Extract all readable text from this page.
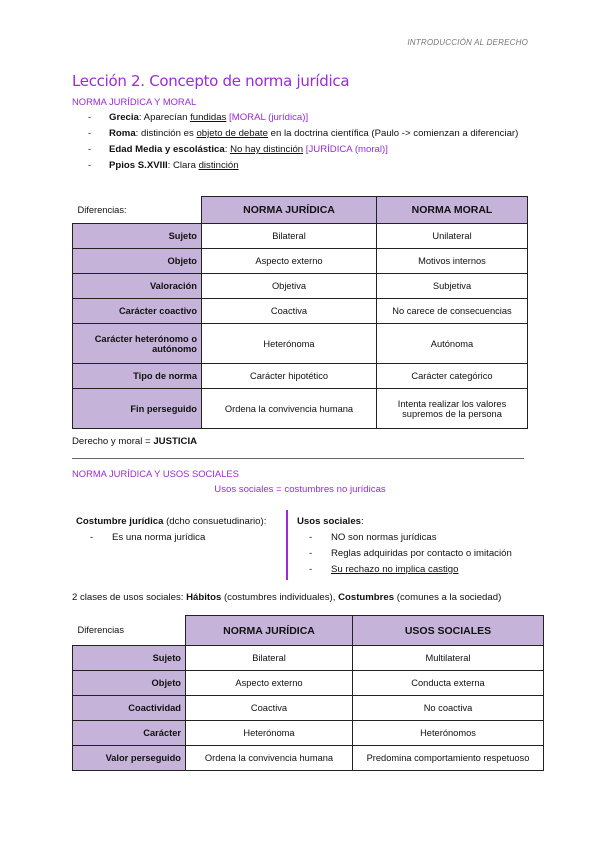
INTRODUCCIÓN AL DERECHO
Lección 2. Concepto de norma jurídica
NORMA JURÍDICA Y MORAL
- Grecia: Aparecían fundidas [MORAL (jurídica)]
- Roma: distinción es objeto de debate en la doctrina científica (Paulo -> comienzan a diferenciar)
- Edad Media y escolástica: No hay distinción [JURÍDICA (moral)]
- Ppios S.XVIII: Clara distinción
Diferencias:	NORMA JURÍDICA	NORMA MORAL
Sujeto	Bilateral	Unilateral
Objeto	Aspecto externo	Motivos internos
Valoración	Objetiva	Subjetiva
Carácter coactivo	Coactiva	No carece de consecuencias
Carácter heterónomo o autónomo	Heterónoma	Autónoma
Tipo de norma	Carácter hipotético	Carácter categórico
Fin perseguido	Ordena la convivencia humana	Intenta realizar los valores supremos de la persona
Derecho y moral = JUSTICIA
NORMA JURÍDICA Y USOS SOCIALES
Usos sociales = costumbres no jurídicas
Costumbre jurídica (dcho consuetudinario):
- Es una norma jurídica
Usos sociales:
- NO son normas jurídicas
- Reglas adquiridas por contacto o imitación
- Su rechazo no implica castigo
2 clases de usos sociales: Hábitos (costumbres individuales), Costumbres (comunes a la sociedad)
Diferencias	NORMA JURÍDICA	USOS SOCIALES
Sujeto	Bilateral	Multilateral
Objeto	Aspecto externo	Conducta externa
Coactividad	Coactiva	No coactiva
Carácter	Heterónoma	Heterónomos
Valor perseguido	Ordena la convivencia humana	Predomina comportamiento respetuoso
